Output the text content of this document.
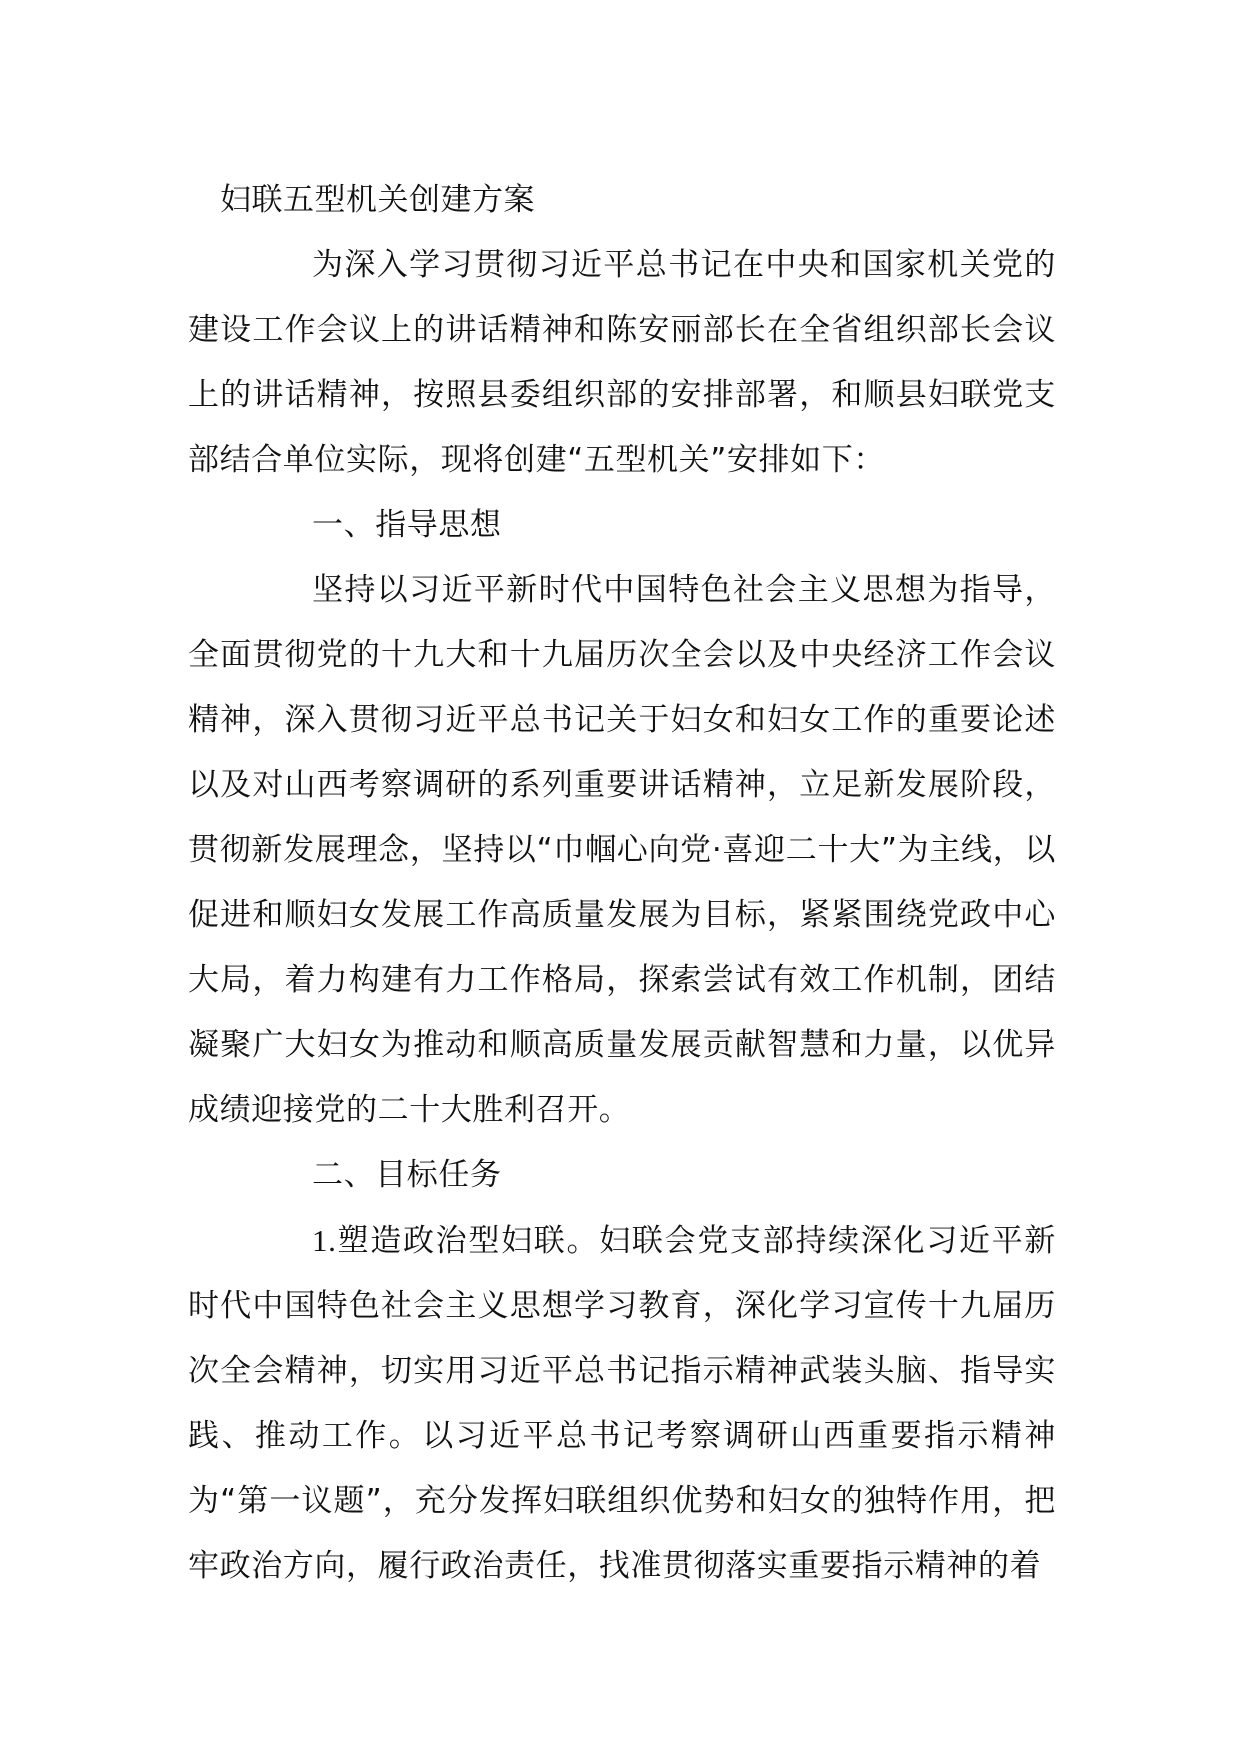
妇联五型机关创建方案

为深入学习贯彻习近平总书记在中央和国家机关党的建设工作会议上的讲话精神和陈安丽部长在全省组织部长会议上的讲话精神，按照县委组织部的安排部署，和顺县妇联党支部结合单位实际，现将创建“五型机关”安排如下：

一、指导思想

坚持以习近平新时代中国特色社会主义思想为指导，全面贯彻党的十九大和十九届历次全会以及中央经济工作会议精神，深入贯彻习近平总书记关于妇女和妇女工作的重要论述以及对山西考察调研的系列重要讲话精神，立足新发展阶段，贯彻新发展理念，坚持以“巾帼心向党·喜迎二十大”为主线，以促进和顺妇女发展工作高质量发展为目标，紧紧围绕党政中心大局，着力构建有力工作格局，探索尝试有效工作机制，团结凝聚广大妇女为推动和顺高质量发展贡献智慧和力量，以优异成绩迎接党的二十大胜利召开。

二、目标任务

1.塑造政治型妇联。妇联会党支部持续深化习近平新时代中国特色社会主义思想学习教育，深化学习宣传十九届历次全会精神，切实用习近平总书记指示精神武装头脑、指导实践、推动工作。以习近平总书记考察调研山西重要指示精神为“第一议题”，充分发挥妇联组织优势和妇女的独特作用，把牢政治方向，履行政治责任，找准贯彻落实重要指示精神的着
